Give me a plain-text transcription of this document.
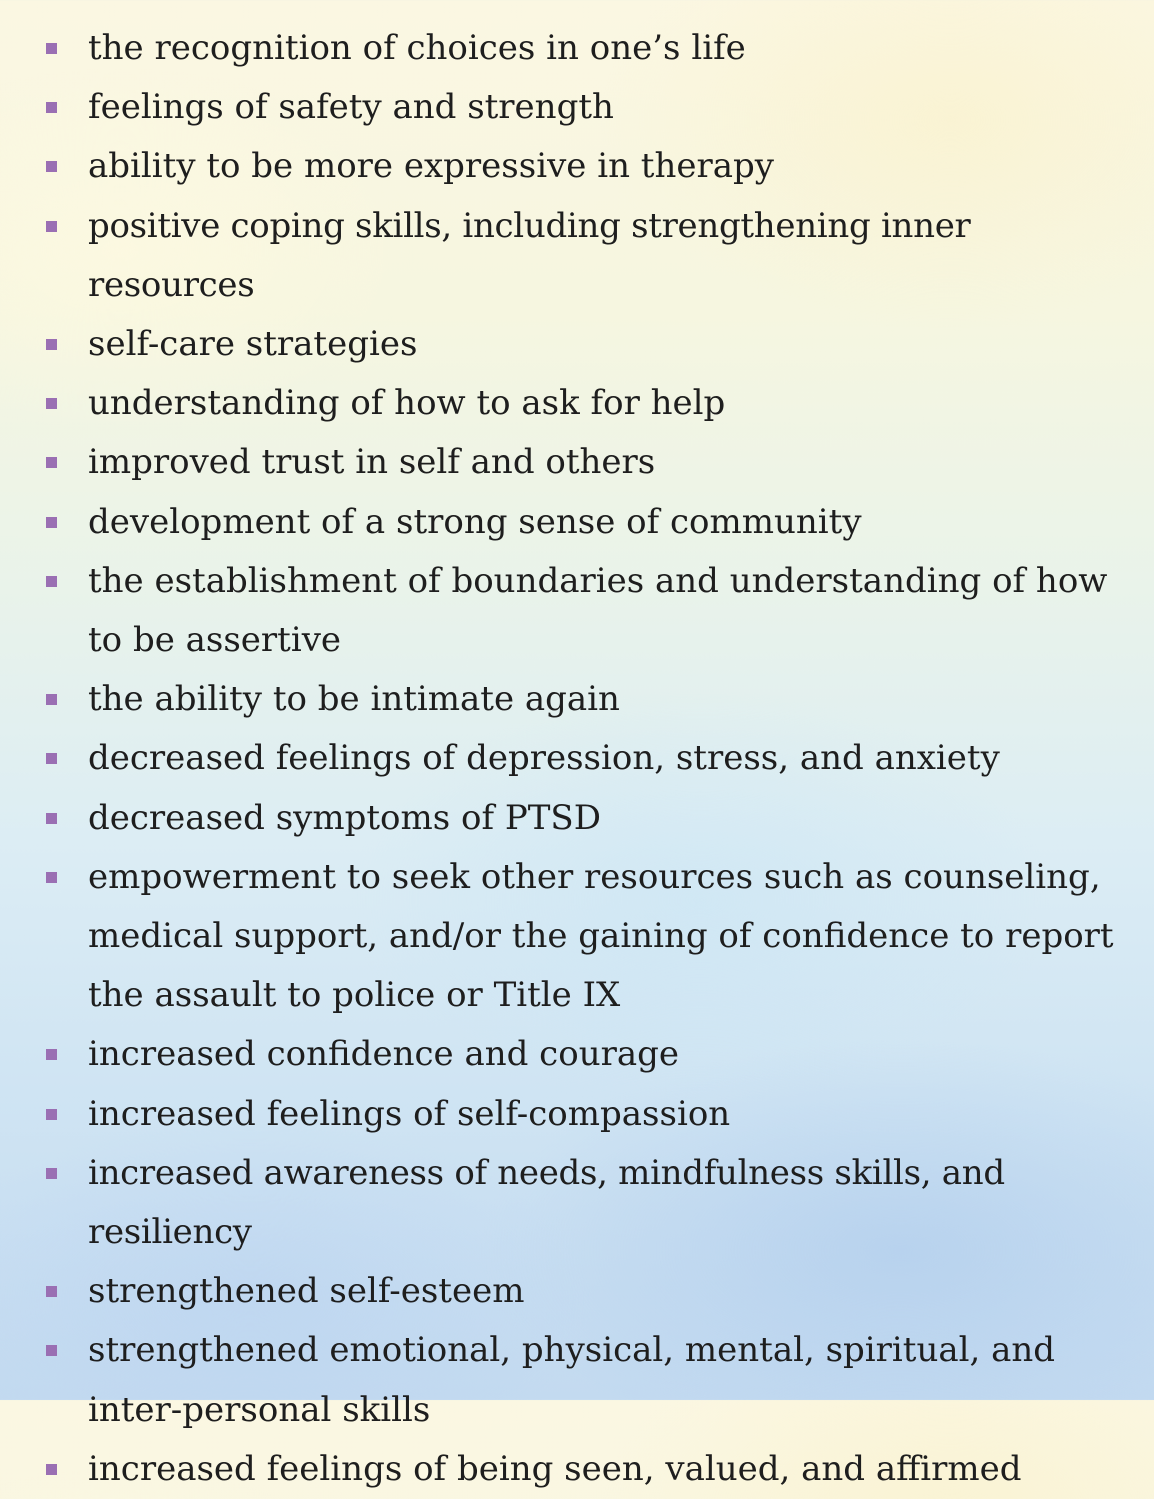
the recognition of choices in one’s life
feelings of safety and strength
ability to be more expressive in therapy
positive coping skills, including strengthening inner resources
self-care strategies
understanding of how to ask for help
improved trust in self and others
development of a strong sense of community
the establishment of boundaries and understanding of how to be assertive
the ability to be intimate again
decreased feelings of depression, stress, and anxiety
decreased symptoms of PTSD
empowerment to seek other resources such as counseling, medical support, and/or the gaining of confidence to report the assault to police or Title IX
increased confidence and courage
increased feelings of self-compassion
increased awareness of needs, mindfulness skills, and resiliency
strengthened self-esteem
strengthened emotional, physical, mental, spiritual, and inter-personal skills
increased feelings of being seen, valued, and affirmed
